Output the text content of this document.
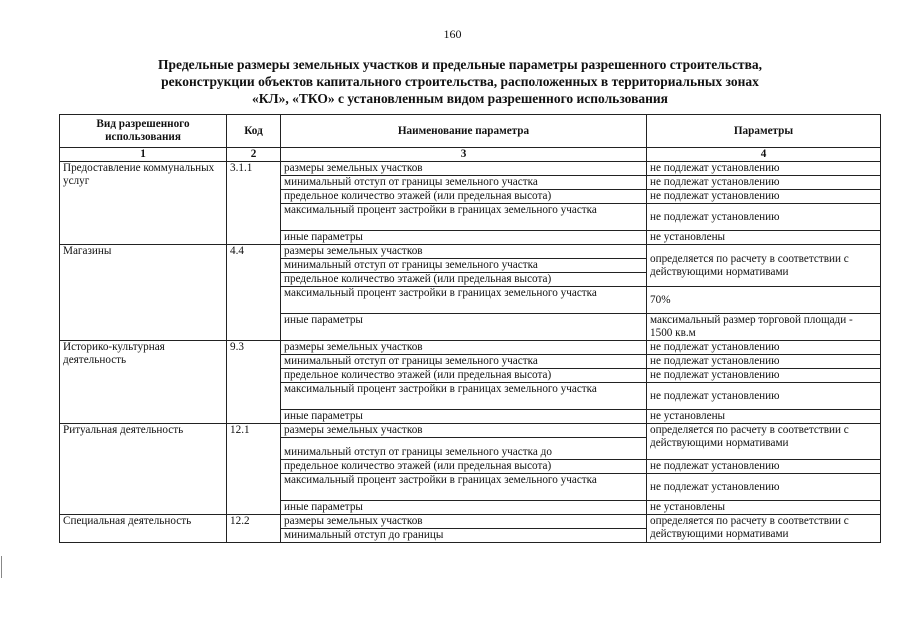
160
Предельные размеры земельных участков и предельные параметры разрешенного строительства,
реконструкции объектов капитального строительства, расположенных в территориальных зонах
«КЛ», «ТКО» с установленным видом разрешенного использования
Вид разрешенного использования	Код	Наименование параметра	Параметры
1	2	3	4
Предоставление коммунальных услуг	3.1.1	размеры земельных участков	не подлежат установлению
		минимальный отступ от границы земельного участка	не подлежат установлению
		предельное количество этажей (или предельная высота)	не подлежат установлению
		максимальный процент застройки в границах земельного участка	не подлежат установлению
		иные параметры	не установлены
Магазины	4.4	размеры земельных участков	определяется по расчету в соответствии с действующими нормативами
		минимальный отступ от границы земельного участка	
		предельное количество этажей (или предельная высота)	
		максимальный процент застройки в границах земельного участка	70%
		иные параметры	максимальный размер торговой площади - 1500 кв.м
Историко-культурная деятельность	9.3	размеры земельных участков	не подлежат установлению
		минимальный отступ от границы земельного участка	не подлежат установлению
		предельное количество этажей (или предельная высота)	не подлежат установлению
		максимальный процент застройки в границах земельного участка	не подлежат установлению
		иные параметры	не установлены
Ритуальная деятельность	12.1	размеры земельных участков	определяется по расчету в соответствии с действующими нормативами
		минимальный отступ от границы земельного участка до	
		предельное количество этажей (или предельная высота)	не подлежат установлению
		максимальный процент застройки в границах земельного участка	не подлежат установлению
		иные параметры	не установлены
Специальная деятельность	12.2	размеры земельных участков	определяется по расчету в соответствии с действующими нормативами
		минимальный отступ до границы	
